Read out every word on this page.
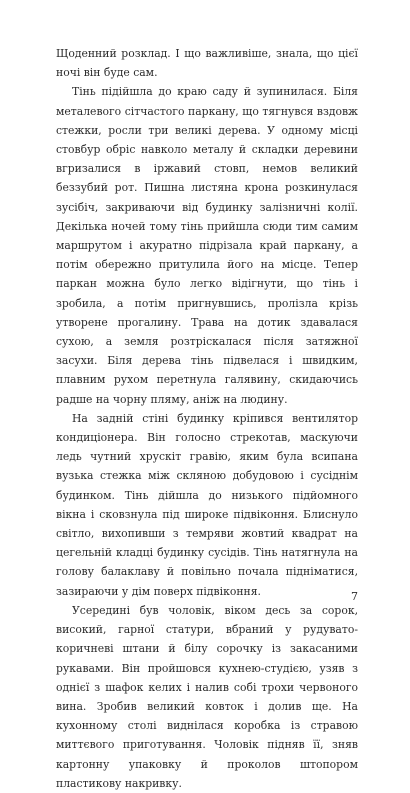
Щоденний розклад. І що важливіше, знала, що цієї ночі він буде сам.

Тінь підійшла до краю саду й зупинилася. Біля металевого сітчастого паркану, що тягнувся вздовж стежки, росли три великі дерева. У одному місці стовбур обріс навколо металу й складки деревини вгризалися в іржавий стовп, немов великий беззубий рот. Пишна листяна крона розкинулася зусібіч, закриваючи від будинку залізничні колії. Декілька ночей тому тінь прийшла сюди тим самим маршрутом і акуратно підрізала край паркану, а потім обережно притулила його на місце. Тепер паркан можна було легко відігнути, що тінь і зробила, а потім пригнувшись, пролізла крізь утворене прогалину. Трава на дотик здавалася сухою, а земля розтріскалася після затяжної засухи. Біля дерева тінь підвелася і швидким, плавним рухом перетнула галявину, скидаючись радше на чорну пляму, аніж на людину.

На задній стіні будинку кріпився вентилятор кондиціонера. Він голосно стрекотав, маскуючи ледь чутний хрускіт гравію, яким була всипана вузька стежка між скляною добудовою і сусіднім будинком. Тінь дійшла до низького підйомного вікна і сковзнула під широке підвіконня. Блиснуло світло, вихопивши з темряви жовтий квадрат на цегельній кладці будинку сусідів. Тінь натягнула на голову балаклаву й повільно почала підніматися, зазираючи у дім поверх підвіконня.

Усередині був чоловік, віком десь за сорок, високий, гарної статури, вбраний у рудувато-коричневі штани й білу сорочку із закасаними рукавами. Він пройшовся кухнею-студією, узяв з однієї з шафок келих і налив собі трохи червоного вина. Зробив великий ковток і долив ще. На кухонному столі виднілася коробка із стравою миттєвого приготування. Чоловік підняв її, зняв картонну упаковку й проколов штопором пластикову накривку.

7
